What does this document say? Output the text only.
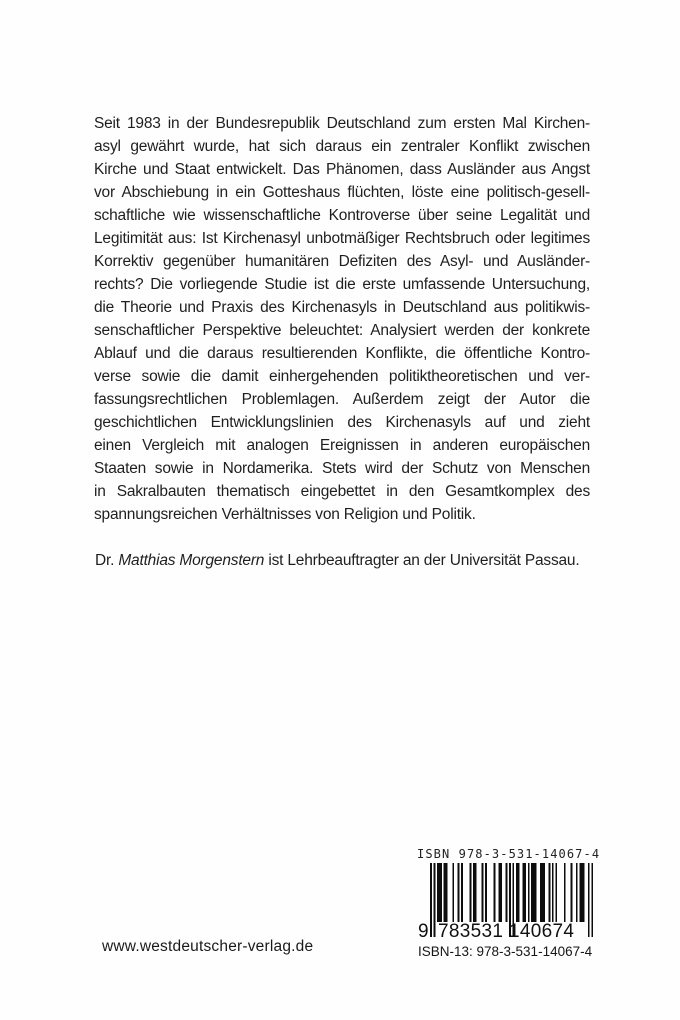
Seit 1983 in der Bundesrepublik Deutschland zum ersten Mal Kirchen-
asyl gewährt wurde, hat sich daraus ein zentraler Konflikt zwischen
Kirche und Staat entwickelt. Das Phänomen, dass Ausländer aus Angst
vor Abschiebung in ein Gotteshaus flüchten, löste eine politisch-gesell-
schaftliche wie wissenschaftliche Kontroverse über seine Legalität und
Legitimität aus: Ist Kirchenasyl unbotmäßiger Rechtsbruch oder legitimes
Korrektiv gegenüber humanitären Defiziten des Asyl- und Ausländer-
rechts? Die vorliegende Studie ist die erste umfassende Untersuchung,
die Theorie und Praxis des Kirchenasyls in Deutschland aus politikwis-
senschaftlicher Perspektive beleuchtet: Analysiert werden der konkrete
Ablauf und die daraus resultierenden Konflikte, die öffentliche Kontro-
verse sowie die damit einhergehenden politiktheoretischen und ver-
fassungsrechtlichen Problemlagen. Außerdem zeigt der Autor die
geschichtlichen Entwicklungslinien des Kirchenasyls auf und zieht
einen Vergleich mit analogen Ereignissen in anderen europäischen
Staaten sowie in Nordamerika. Stets wird der Schutz von Menschen
in Sakralbauten thematisch eingebettet in den Gesamtkomplex des
spannungsreichen Verhältnisses von Religion und Politik.
Dr. Matthias Morgenstern ist Lehrbeauftragter an der Universität Passau.
www.westdeutscher-verlag.de
ISBN 978-3-531-14067-4
9 783531 140674
ISBN-13: 978-3-531-14067-4
